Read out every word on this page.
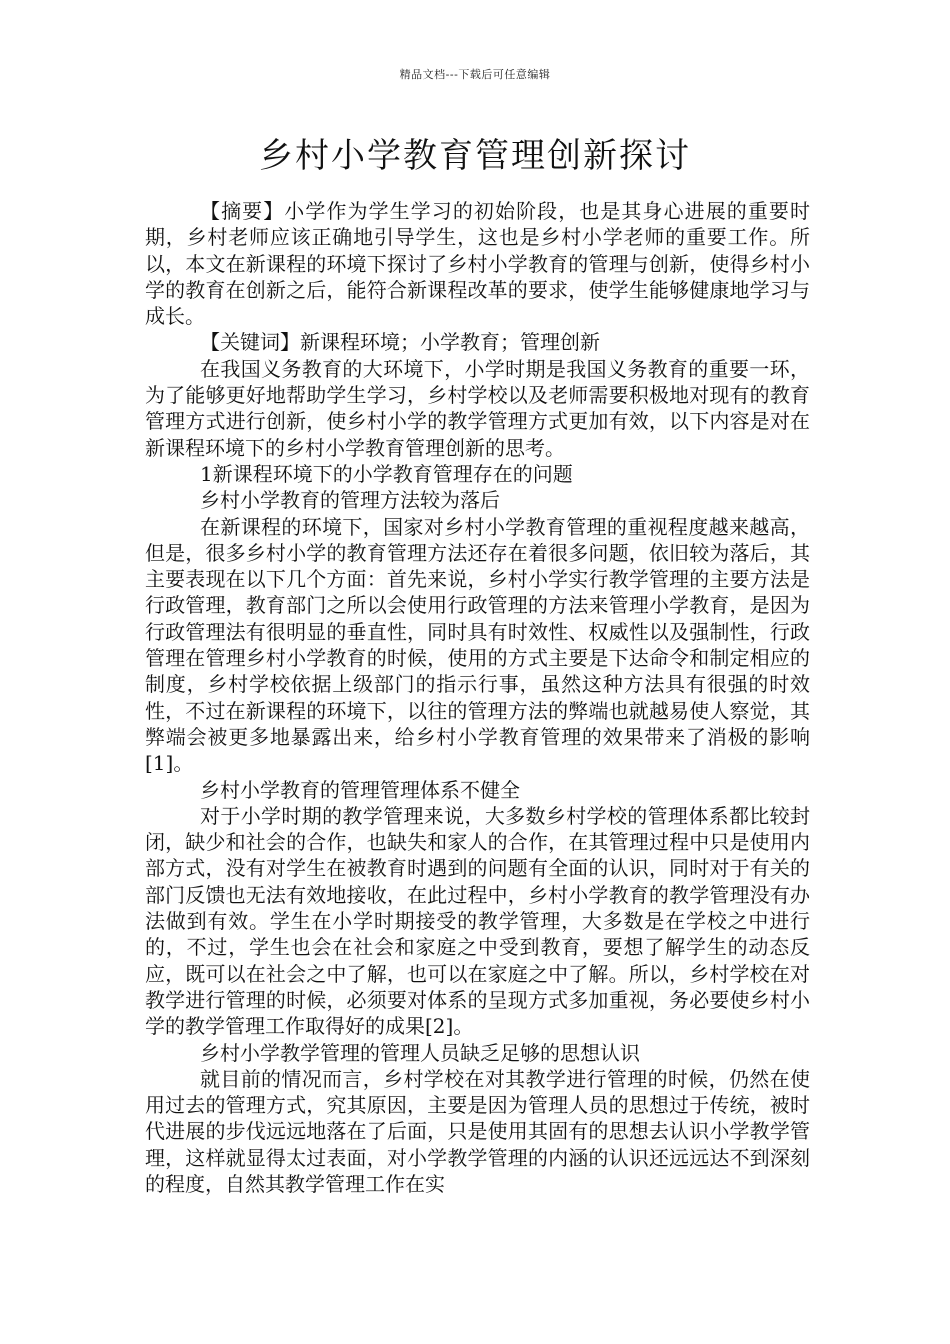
精品文档---下载后可任意编辑
乡村小学教育管理创新探讨

【摘要】小学作为学生学习的初始阶段，也是其身心进展的重要时期，乡村老师应该正确地引导学生，这也是乡村小学老师的重要工作。所以，本文在新课程的环境下探讨了乡村小学教育的管理与创新，使得乡村小学的教育在创新之后，能符合新课程改革的要求，使学生能够健康地学习与成长。

【关键词】新课程环境；小学教育；管理创新

在我国义务教育的大环境下，小学时期是我国义务教育的重要一环，为了能够更好地帮助学生学习，乡村学校以及老师需要积极地对现有的教育管理方式进行创新，使乡村小学的教学管理方式更加有效，以下内容是对在新课程环境下的乡村小学教育管理创新的思考。

1新课程环境下的小学教育管理存在的问题

乡村小学教育的管理方法较为落后

在新课程的环境下，国家对乡村小学教育管理的重视程度越来越高，但是，很多乡村小学的教育管理方法还存在着很多问题，依旧较为落后，其主要表现在以下几个方面：首先来说，乡村小学实行教学管理的主要方法是行政管理，教育部门之所以会使用行政管理的方法来管理小学教育，是因为行政管理法有很明显的垂直性，同时具有时效性、权威性以及强制性，行政管理在管理乡村小学教育的时候，使用的方式主要是下达命令和制定相应的制度，乡村学校依据上级部门的指示行事，虽然这种方法具有很强的时效性，不过在新课程的环境下，以往的管理方法的弊端也就越易使人察觉，其弊端会被更多地暴露出来，给乡村小学教育管理的效果带来了消极的影响[1]。

乡村小学教育的管理管理体系不健全

对于小学时期的教学管理来说，大多数乡村学校的管理体系都比较封闭，缺少和社会的合作，也缺失和家人的合作，在其管理过程中只是使用内部方式，没有对学生在被教育时遇到的问题有全面的认识，同时对于有关的部门反馈也无法有效地接收，在此过程中，乡村小学教育的教学管理没有办法做到有效。学生在小学时期接受的教学管理，大多数是在学校之中进行的，不过，学生也会在社会和家庭之中受到教育，要想了解学生的动态反应，既可以在社会之中了解，也可以在家庭之中了解。所以，乡村学校在对教学进行管理的时候，必须要对体系的呈现方式多加重视，务必要使乡村小学的教学管理工作取得好的成果[2]。

乡村小学教学管理的管理人员缺乏足够的思想认识

就目前的情况而言，乡村学校在对其教学进行管理的时候，仍然在使用过去的管理方式，究其原因，主要是因为管理人员的思想过于传统，被时代进展的步伐远远地落在了后面，只是使用其固有的思想去认识小学教学管理，这样就显得太过表面，对小学教学管理的内涵的认识还远远达不到深刻的程度，自然其教学管理工作在实
